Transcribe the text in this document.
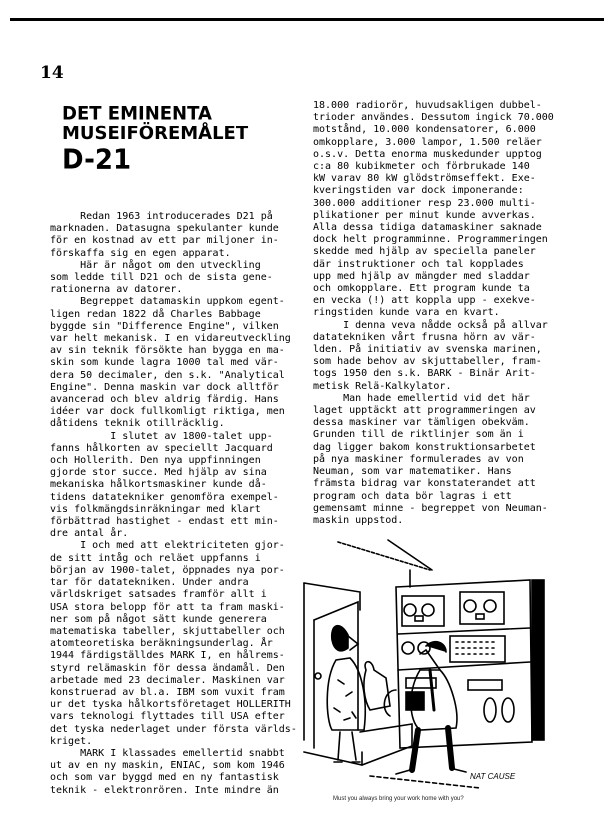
14
DET EMINENTA
MUSEIFÖREMÅLET
D-21
Redan 1963 introducerades D21 på
marknaden. Datasugna spekulanter kunde
för en kostnad av ett par miljoner in-
förskaffa sig en egen apparat.
Här är något om den utveckling
som ledde till D21 och de sista gene-
rationerna av datorer.
Begreppet datamaskin uppkom egent-
ligen redan 1822 då Charles Babbage
byggde sin "Difference Engine", vilken
var helt mekanisk. I en vidareutveckling
av sin teknik försökte han bygga en ma-
skin som kunde lagra 1000 tal med vär-
dera 50 decimaler, den s.k. "Analytical
Engine". Denna maskin var dock alltför
avancerad och blev aldrig färdig. Hans
idéer var dock fullkomligt riktiga, men
dåtidens teknik otillräcklig.
I slutet av 1800-talet upp-
fanns hålkorten av speciellt Jacquard
och Hollerith. Den nya uppfinningen
gjorde stor succe. Med hjälp av sina
mekaniska hålkortsmaskiner kunde då-
tidens datatekniker genomföra exempel-
vis folkmängdsinräkningar med klart
förbättrad hastighet - endast ett min-
dre antal år.
I och med att elektriciteten gjor-
de sitt intåg och reläet uppfanns i
början av 1900-talet, öppnades nya por-
tar för datatekniken. Under andra
världskriget satsades framför allt i
USA stora belopp för att ta fram maski-
ner som på något sätt kunde generera
matematiska tabeller, skjuttabeller och
atomteoretiska beräkningsunderlag. År
1944 färdigställdes MARK I, en hålrems-
styrd relämaskin för dessa ändamål. Den
arbetade med 23 decimaler. Maskinen var
konstruerad av bl.a. IBM som vuxit fram
ur det tyska hålkortsföretaget HOLLERITH
vars teknologi flyttades till USA efter
det tyska nederlaget under första världs-
kriget.
MARK I klassades emellertid snabbt
ut av en ny maskin, ENIAC, som kom 1946
och som var byggd med en ny fantastisk
teknik - elektronrören. Inte mindre än
18.000 radiorör, huvudsakligen dubbel-
trioder användes. Dessutom ingick 70.000
motstånd, 10.000 kondensatorer, 6.000
omkopplare, 3.000 lampor, 1.500 reläer
o.s.v. Detta enorma muskedunder upptog
c:a 80 kubikmeter och förbrukade 140
kW varav 80 kW glödströmseffekt. Exe-
kveringstiden var dock imponerande:
300.000 additioner resp 23.000 multi-
plikationer per minut kunde avverkas.
Alla dessa tidiga datamaskiner saknade
dock helt programminne. Programmeringen
skedde med hjälp av speciella paneler
där instruktioner och tal kopplades
upp med hjälp av mängder med sladdar
och omkopplare. Ett program kunde ta
en vecka (!) att koppla upp - exekve-
ringstiden kunde vara en kvart.
I denna veva nådde också på allvar
datatekniken vårt frusna hörn av vär-
lden. På initiativ av svenska marinen,
som hade behov av skjuttabeller, fram-
togs 1950 den s.k. BARK - Binär Arit-
metisk Relä-Kalkylator.
Man hade emellertid vid det här
laget upptäckt att programmeringen av
dessa maskiner var tämligen obekväm.
Grunden till de riktlinjer som än i
dag ligger bakom konstruktionsarbetet
på nya maskiner formulerades av von
Neuman, som var matematiker. Hans
främsta bidrag var konstaterandet att
program och data bör lagras i ett
gemensamt minne - begreppet von Neuman-
maskin uppstod.
NAT CAUSE
Must you always bring your work home with you?
